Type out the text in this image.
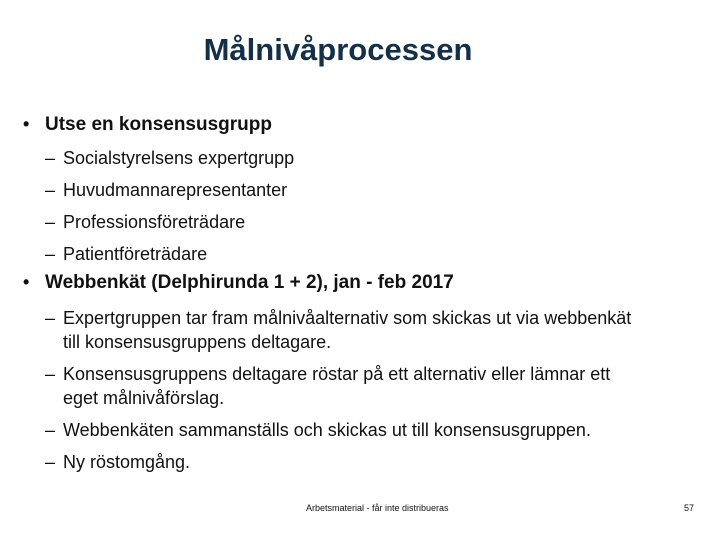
Målnivåprocessen
• Utse en konsensusgrupp
– Socialstyrelsens expertgrupp
– Huvudmannarepresentanter
– Professionsföreträdare
– Patientföreträdare
• Webbenkät (Delphirunda 1 + 2), jan - feb 2017
– Expertgruppen tar fram målnivåalternativ som skickas ut via webbenkät
till konsensusgruppens deltagare.
– Konsensusgruppens deltagare röstar på ett alternativ eller lämnar ett
eget målnivåförslag.
– Webbenkäten sammanställs och skickas ut till konsensusgruppen.
– Ny röstomgång.
Arbetsmaterial - får inte distribueras	57
